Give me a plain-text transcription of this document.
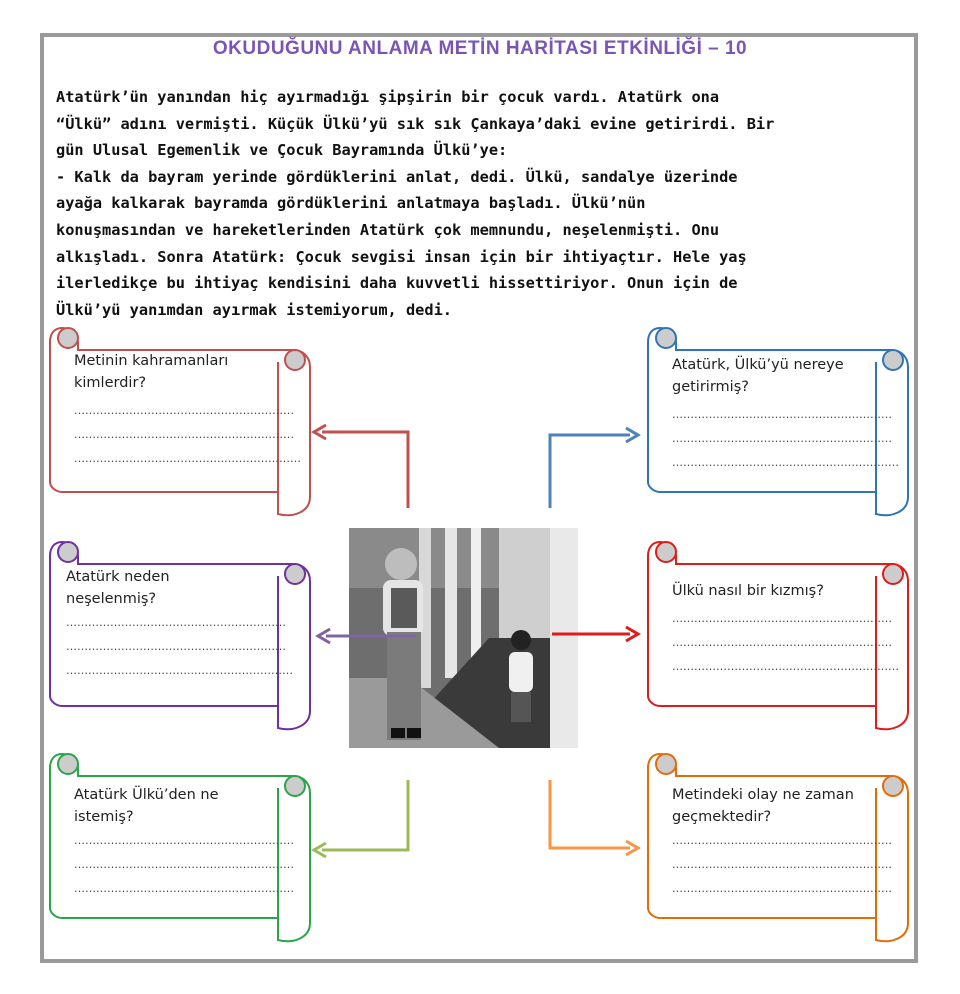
OKUDUĞUNU ANLAMA METİN HARİTASI ETKİNLİĞİ – 10

Atatürk’ün yanından hiç ayırmadığı şipşirin bir çocuk vardı. Atatürk ona

“Ülkü” adını vermişti. Küçük Ülkü’yü sık sık Çankaya’daki evine getirirdi. Bir

gün Ulusal Egemenlik ve Çocuk Bayramında Ülkü’ye:

- Kalk da bayram yerinde gördüklerini anlat, dedi. Ülkü, sandalye üzerinde

ayağa kalkarak bayramda gördüklerini anlatmaya başladı. Ülkü’nün

konuşmasından ve hareketlerinden Atatürk çok memnundu, neşelenmişti. Onu

alkışladı. Sonra Atatürk: Çocuk sevgisi insan için bir ihtiyaçtır. Hele yaş

ilerledikçe bu ihtiyaç kendisini daha kuvvetli hissettiriyor. Onun için de

Ülkü’yü yanımdan ayırmak istemiyorum, dedi.

Metinin kahramanları kimlerdir?
……………………………………………………
……………………………………………………
…………………………………..…………………
Atatürk, Ülkü’yü nereye getirirmiş?
……………………………………………………
……………………………………………………
…………………………..…………………………
Atatürk neden neşelenmiş?
……………………………………………………
……………………………………………………
……………………………..………………………
Ülkü nasıl bir kızmış?
……………………………………………………
……………………………………………………
…………………………..…………………………
Atatürk Ülkü’den ne istemiş?
……………………………………………………
……………………………………………………
……………………………………………………
Metindeki olay ne zaman geçmektedir?
……………………………………………………
……………………………………………………
……………………………………………………
